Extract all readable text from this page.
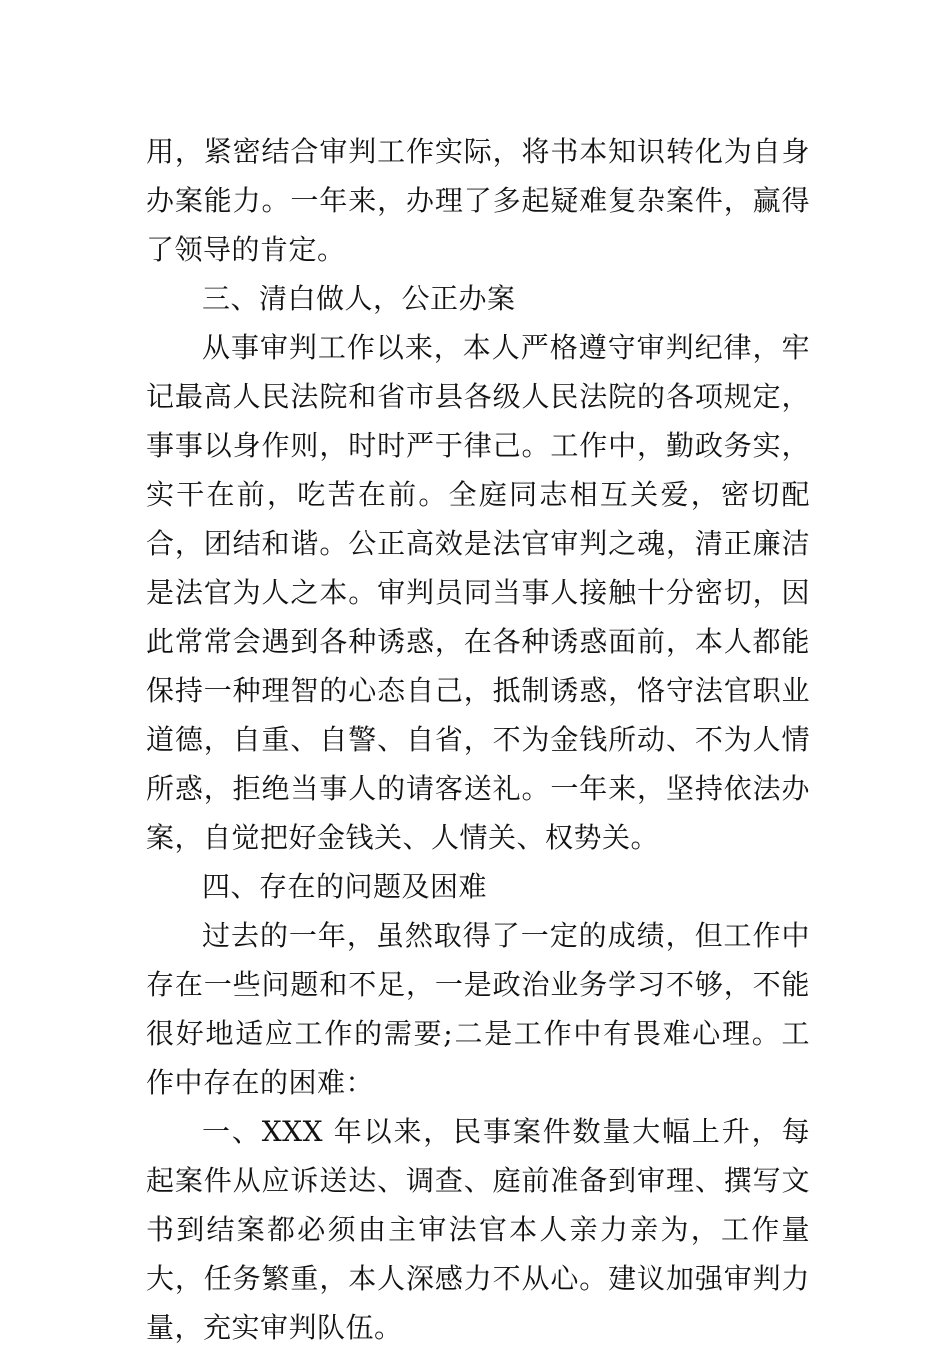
用，紧密结合审判工作实际，将书本知识转化为自身办案能力。一年来，办理了多起疑难复杂案件，赢得了领导的肯定。

三、清白做人，公正办案

从事审判工作以来，本人严格遵守审判纪律，牢记最高人民法院和省市县各级人民法院的各项规定，事事以身作则，时时严于律己。工作中，勤政务实，实干在前，吃苦在前。全庭同志相互关爱，密切配合，团结和谐。公正高效是法官审判之魂，清正廉洁是法官为人之本。审判员同当事人接触十分密切，因此常常会遇到各种诱惑，在各种诱惑面前，本人都能保持一种理智的心态自己，抵制诱惑，恪守法官职业道德，自重、自警、自省，不为金钱所动、不为人情所惑，拒绝当事人的请客送礼。一年来，坚持依法办案，自觉把好金钱关、人情关、权势关。

四、存在的问题及困难

过去的一年，虽然取得了一定的成绩，但工作中存在一些问题和不足，一是政治业务学习不够，不能很好地适应工作的需要;二是工作中有畏难心理。工作中存在的困难：

一、XXX 年以来，民事案件数量大幅上升，每起案件从应诉送达、调查、庭前准备到审理、撰写文书到结案都必须由主审法官本人亲力亲为，工作量大，任务繁重，本人深感力不从心。建议加强审判力量，充实审判队伍。
